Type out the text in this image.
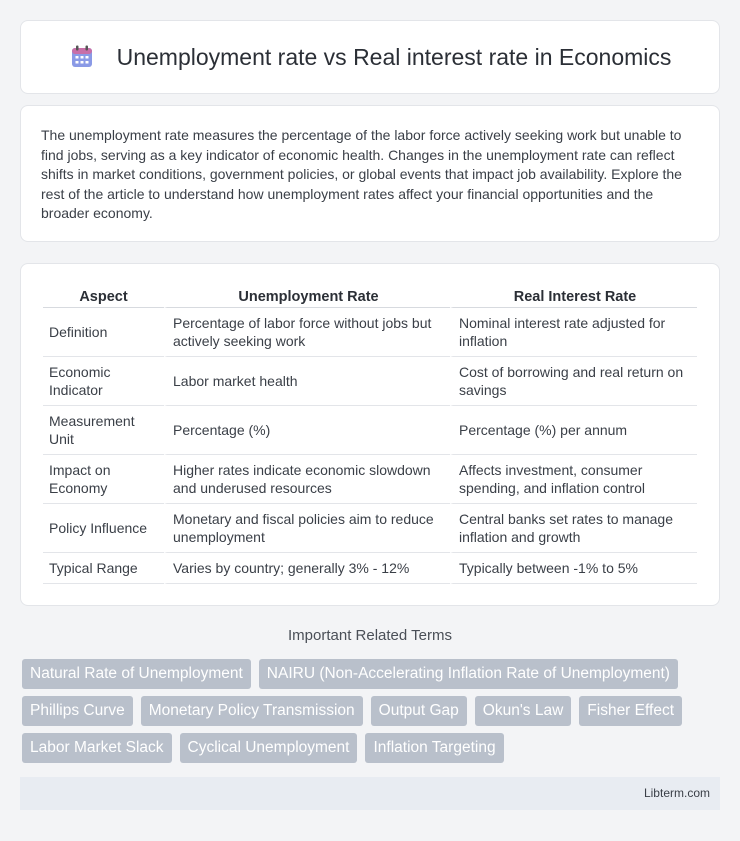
Unemployment rate vs Real interest rate in Economics

The unemployment rate measures the percentage of the labor force actively seeking work but unable to find jobs, serving as a key indicator of economic health. Changes in the unemployment rate can reflect shifts in market conditions, government policies, or global events that impact job availability. Explore the rest of the article to understand how unemployment rates affect your financial opportunities and the broader economy.

Aspect	Unemployment Rate	Real Interest Rate
Definition	Percentage of labor force without jobs but actively seeking work	Nominal interest rate adjusted for inflation
Economic Indicator	Labor market health	Cost of borrowing and real return on savings
Measurement Unit	Percentage (%)	Percentage (%) per annum
Impact on Economy	Higher rates indicate economic slowdown and underused resources	Affects investment, consumer spending, and inflation control
Policy Influence	Monetary and fiscal policies aim to reduce unemployment	Central banks set rates to manage inflation and growth
Typical Range	Varies by country; generally 3% - 12%	Typically between -1% to 5%
Important Related Terms
Natural Rate of Unemployment	NAIRU (Non-Accelerating Inflation Rate of Unemployment)
Phillips Curve	Monetary Policy Transmission	Output Gap	Okun's Law	Fisher Effect
Labor Market Slack	Cyclical Unemployment	Inflation Targeting
Libterm.com
